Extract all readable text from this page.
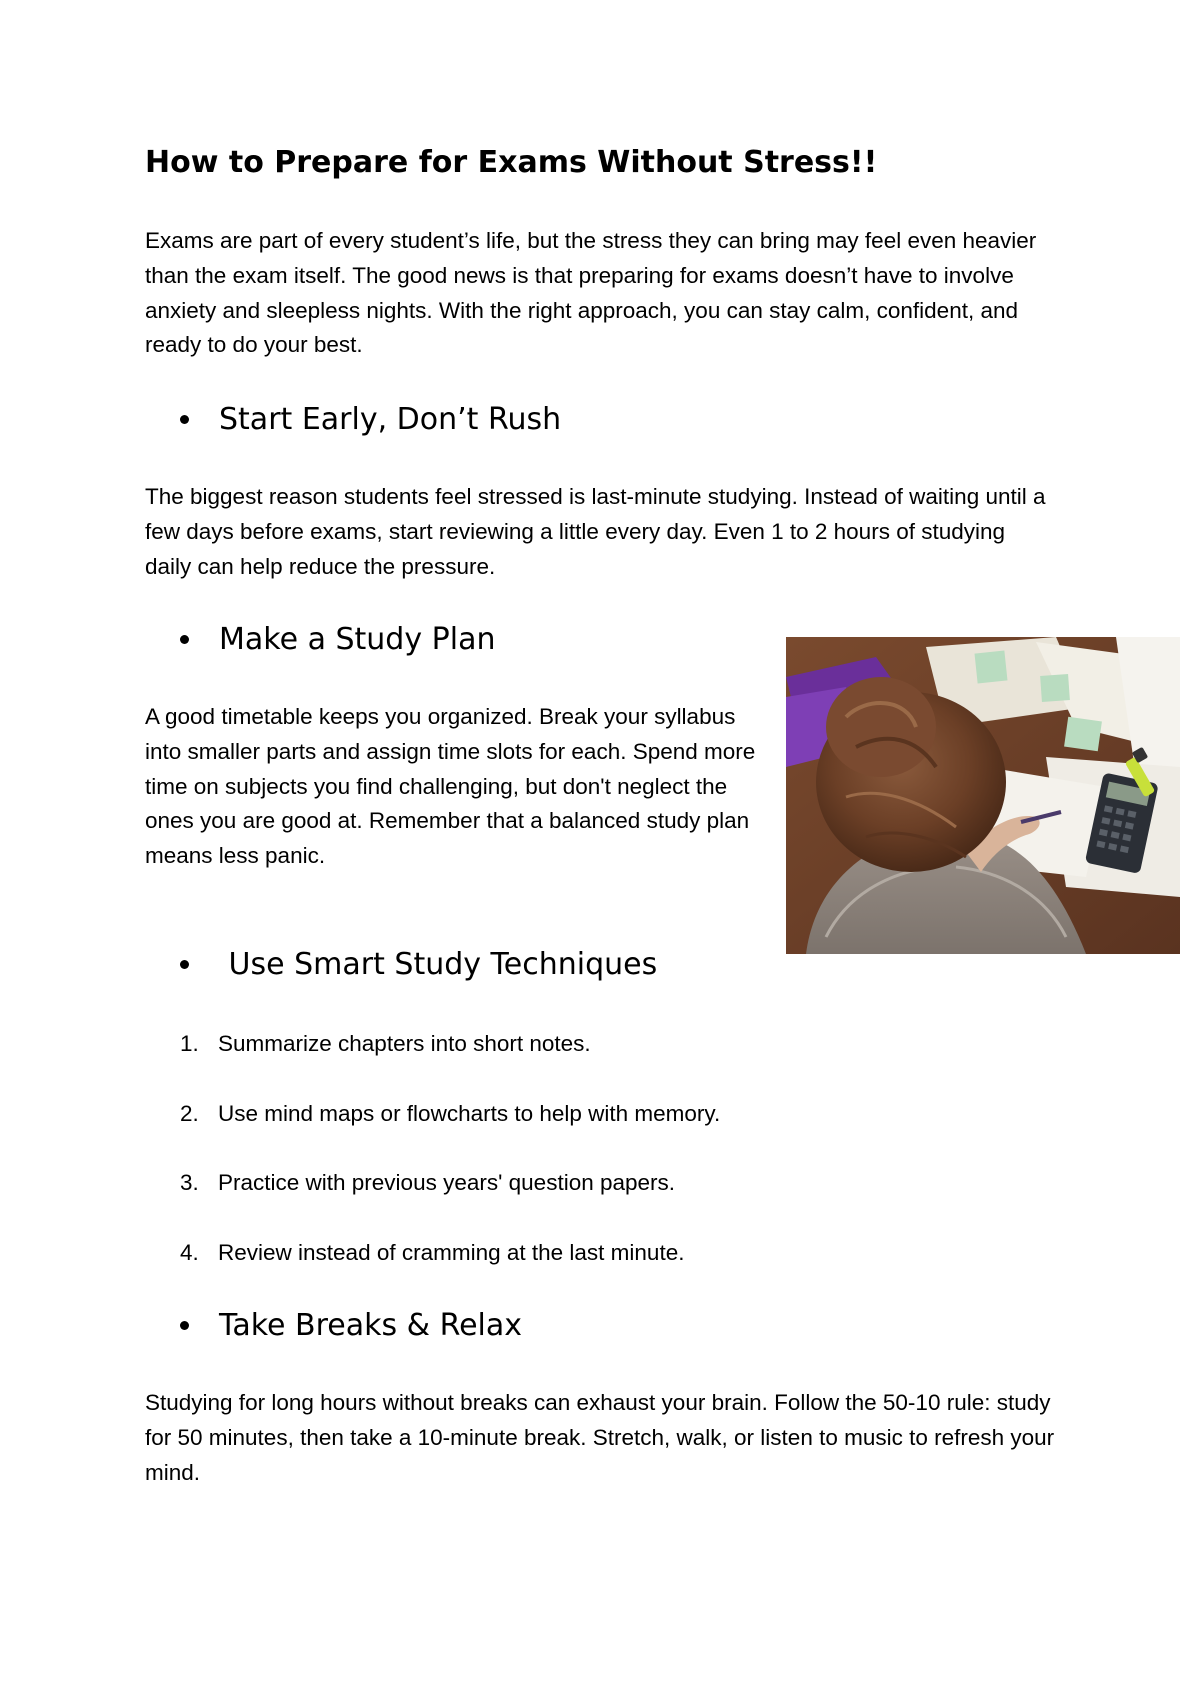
How to Prepare for Exams Without Stress!!

Exams are part of every student’s life, but the stress they can bring may feel even heavier than the exam itself. The good news is that preparing for exams doesn’t have to involve anxiety and sleepless nights. With the right approach, you can stay calm, confident, and ready to do your best.

Start Early, Don’t Rush

The biggest reason students feel stressed is last-minute studying. Instead of waiting until a few days before exams, start reviewing a little every day. Even 1 to 2 hours of studying daily can help reduce the pressure.

Make a Study Plan

A good timetable keeps you organized. Break your syllabus into smaller parts and assign time slots for each. Spend more time on subjects you find challenging, but don't neglect the ones you are good at. Remember that a balanced study plan means less panic.

Use Smart Study Techniques
1. Summarize chapters into short notes.
2. Use mind maps or flowcharts to help with memory.
3. Practice with previous years' question papers.
4. Review instead of cramming at the last minute.
Take Breaks & Relax

Studying for long hours without breaks can exhaust your brain. Follow the 50-10 rule: study for 50 minutes, then take a 10-minute break. Stretch, walk, or listen to music to refresh your mind.
